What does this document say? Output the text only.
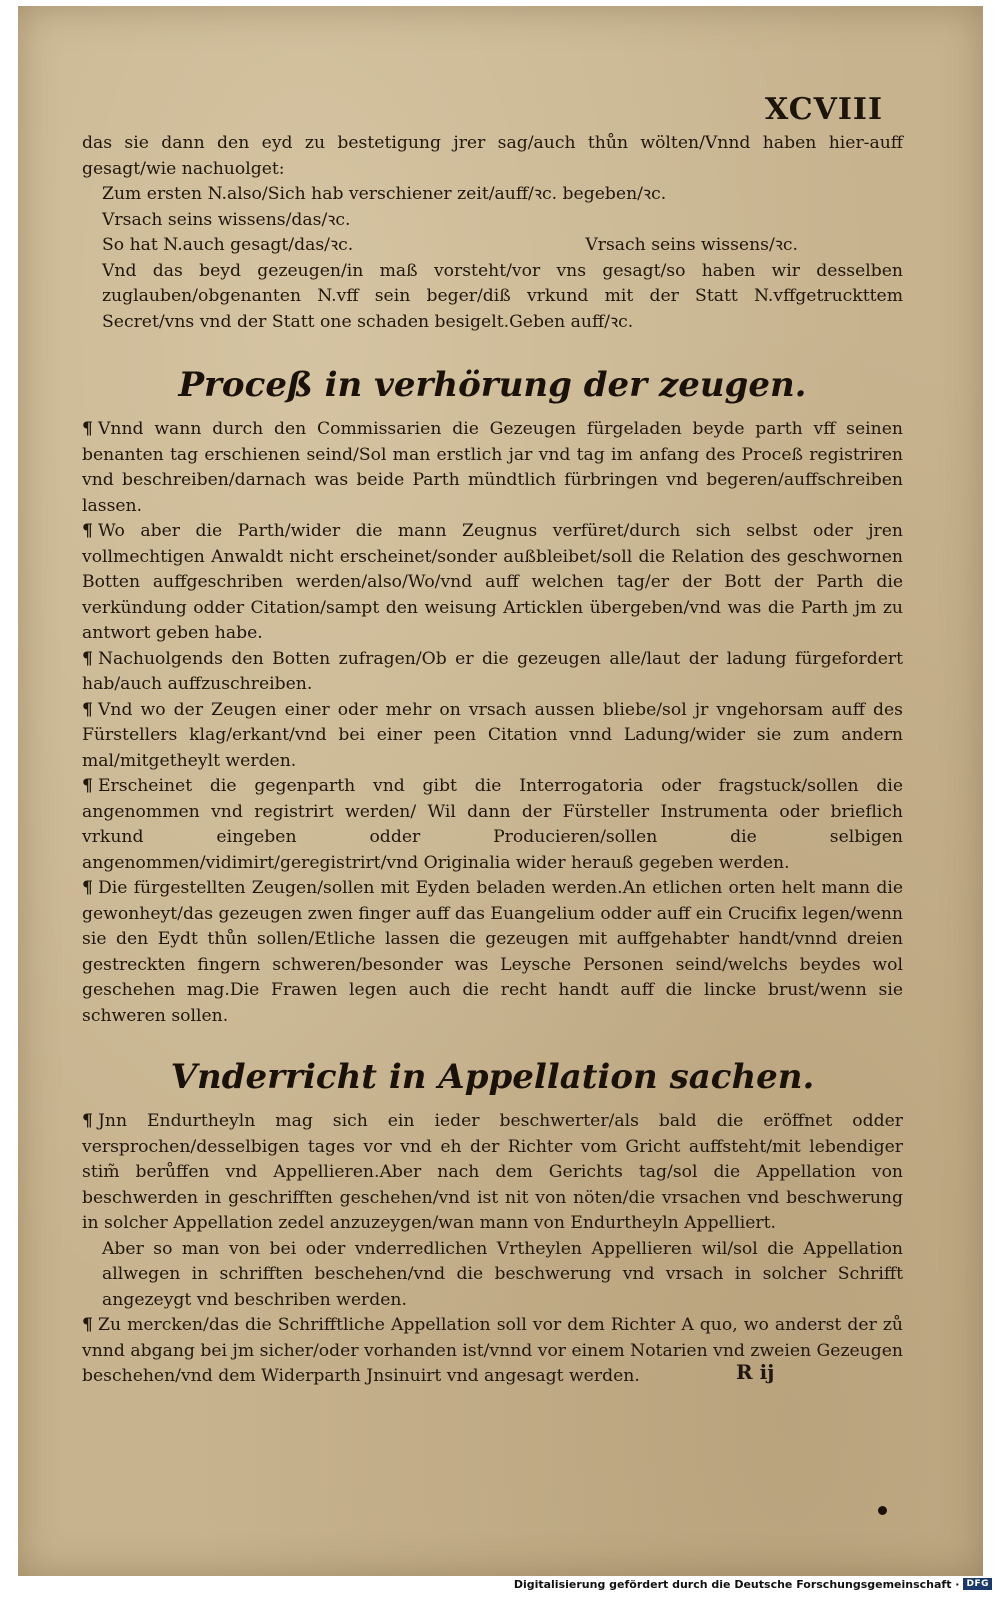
XCVIII

das sie dann den eyd zu bestetigung jrer sag/auch thůn wölten/Vnnd haben hier-auff gesagt/wie nachuolget:

Zum ersten N.also/Sich hab verschiener zeit/auff/ꝛc. begeben/ꝛc.

Vrsach seins wissens/das/ꝛc.

So hat N.auch gesagt/das/ꝛc.	Vrsach seins wissens/ꝛc.

Vnd das beyd gezeugen/in maß vorsteht/vor vns gesagt/so haben wir desselben zuglauben/obgenanten N.vff sein beger/diß vrkund mit der Statt N.vffgetruckttem Secret/vns vnd der Statt one schaden besigelt.Geben auff/ꝛc.

Proceß in verhörung der zeugen.

¶ Vnnd wann durch den Commissarien die Gezeugen fürgeladen beyde parth vff seinen benanten tag erschienen seind/Sol man erstlich jar vnd tag im anfang des Proceß registriren vnd beschreiben/darnach was beide Parth mündtlich fürbringen vnd begeren/auffschreiben lassen.

¶ Wo aber die Parth/wider die mann Zeugnus verfüret/durch sich selbst oder jren vollmechtigen Anwaldt nicht erscheinet/sonder außbleibet/soll die Relation des geschwornen Botten auffgeschriben werden/also/Wo/vnd auff welchen tag/er der Bott der Parth die verkündung odder Citation/sampt den weisung Articklen übergeben/vnd was die Parth jm zu antwort geben habe.

¶ Nachuolgends den Botten zufragen/Ob er die gezeugen alle/laut der ladung fürgefordert hab/auch auffzuschreiben.

¶ Vnd wo der Zeugen einer oder mehr on vrsach aussen bliebe/sol jr vngehorsam auff des Fürstellers klag/erkant/vnd bei einer peen Citation vnnd Ladung/wider sie zum andern mal/mitgetheylt werden.

¶ Erscheinet die gegenparth vnd gibt die Interrogatoria oder fragstuck/sollen die angenommen vnd registrirt werden/ Wil dann der Fürsteller Instrumenta oder brieflich vrkund eingeben odder Producieren/sollen die selbigen angenommen/vidimirt/geregistrirt/vnd Originalia wider herauß gegeben werden.

¶ Die fürgestellten Zeugen/sollen mit Eyden beladen werden.An etlichen orten helt mann die gewonheyt/das gezeugen zwen finger auff das Euangelium odder auff ein Crucifix legen/wenn sie den Eydt thůn sollen/Etliche lassen die gezeugen mit auffgehabter handt/vnnd dreien gestreckten fingern schweren/besonder was Leysche Personen seind/welchs beydes wol geschehen mag.Die Frawen legen auch die recht handt auff die lincke brust/wenn sie schweren sollen.

Vnderricht in Appellation sachen.

¶ Jnn Endurtheyln mag sich ein ieder beschwerter/als bald die eröffnet odder versprochen/desselbigen tages vor vnd eh der Richter vom Gricht auffsteht/mit lebendiger stim̃ berůffen vnd Appellieren.Aber nach dem Gerichts tag/sol die Appellation von beschwerden in geschrifften geschehen/vnd ist nit von nöten/die vrsachen vnd beschwerung in solcher Appellation zedel anzuzeygen/wan mann von Endurtheyln Appelliert.

Aber so man von bei oder vnderredlichen Vrtheylen Appellieren wil/sol die Appellation allwegen in schrifften beschehen/vnd die beschwerung vnd vrsach in solcher Schrifft angezeygt vnd beschriben werden.

¶ Zu mercken/das die Schrifftliche Appellation soll vor dem Richter A quo, wo anderst der zů vnnd abgang bei jm sicher/oder vorhanden ist/vnnd vor einem Notarien vnd zweien Gezeugen beschehen/vnd dem Widerparth Jnsinuirt vnd angesagt werden.	R ij
Digitalisierung gefördert durch die Deutsche Forschungsgemeinschaft · DFG
